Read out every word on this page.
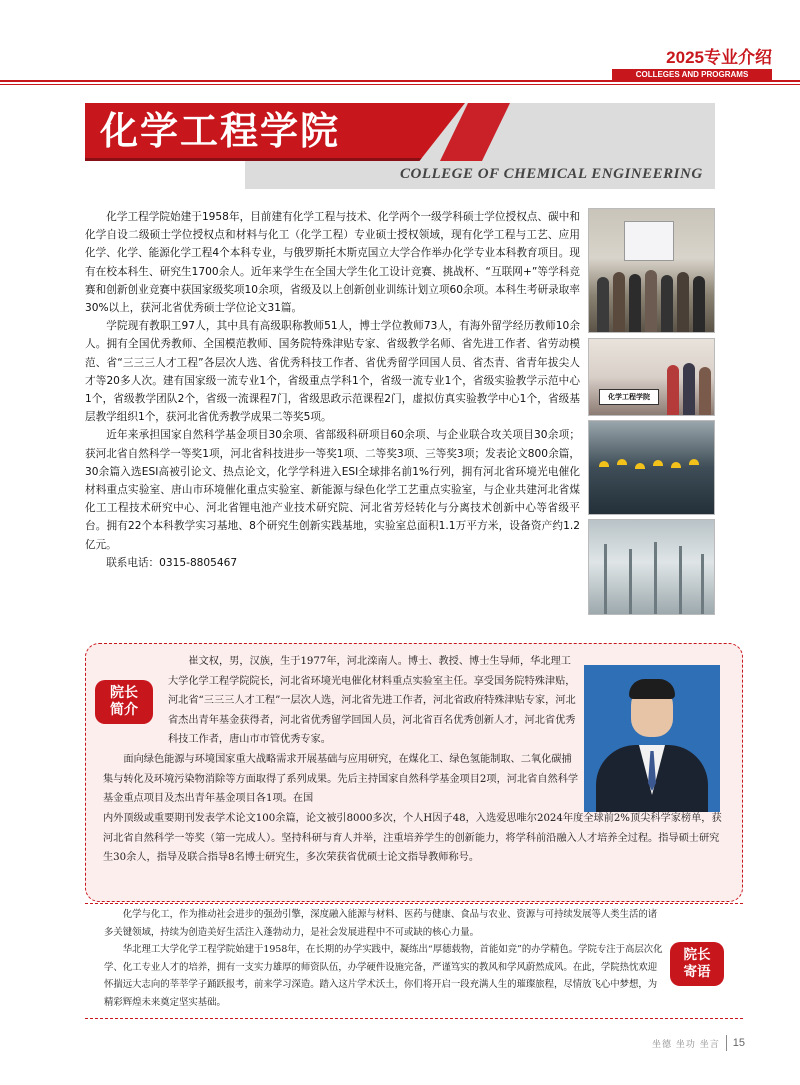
2025专业介绍
COLLEGES AND PROGRAMS
化学工程学院
COLLEGE OF CHEMICAL ENGINEERING

化学工程学院始建于1958年，目前建有化学工程与技术、化学两个一级学科硕士学位授权点、碳中和化学自设二级硕士学位授权点和材料与化工（化学工程）专业硕士授权领域，现有化学工程与工艺、应用化学、化学、能源化学工程4个本科专业，与俄罗斯托木斯克国立大学合作举办化学专业本科教育项目。现有在校本科生、研究生1700余人。近年来学生在全国大学生化工设计竞赛、挑战杯、“互联网+”等学科竞赛和创新创业竞赛中获国家级奖项10余项，省级及以上创新创业训练计划立项60余项。本科生考研录取率30%以上，获河北省优秀硕士学位论文31篇。

学院现有教职工97人，其中具有高级职称教师51人，博士学位教师73人，有海外留学经历教师10余人。拥有全国优秀教师、全国模范教师、国务院特殊津贴专家、省级教学名师、省先进工作者、省劳动模范、省“三三三人才工程”各层次人选、省优秀科技工作者、省优秀留学回国人员、省杰青、省青年拔尖人才等20多人次。建有国家级一流专业1个，省级重点学科1个，省级一流专业1个，省级实验教学示范中心1个，省级教学团队2个，省级一流课程7门，省级思政示范课程2门，虚拟仿真实验教学中心1个，省级基层教学组织1个，获河北省优秀教学成果二等奖5项。

近年来承担国家自然科学基金项目30余项、省部级科研项目60余项、与企业联合攻关项目30余项；获河北省自然科学一等奖1项，河北省科技进步一等奖1项、二等奖3项、三等奖3项；发表论文800余篇，30余篇入选ESI高被引论文、热点论文，化学学科进入ESI全球排名前1%行列，拥有河北省环境光电催化材料重点实验室、唐山市环境催化重点实验室、新能源与绿色化学工艺重点实验室，与企业共建河北省煤化工工程技术研究中心、河北省锂电池产业技术研究院、河北省芳烃转化与分离技术创新中心等省级平台。拥有22个本科教学实习基地、8个研究生创新实践基地，实验室总面积1.1万平方米，设备资产约1.2亿元。

联系电话：0315-8805467

化学工程学院
院长
简介

崔文权，男，汉族，生于1977年，河北滦南人。博士、教授、博士生导师，华北理工大学化学工程学院院长，河北省环境光电催化材料重点实验室主任。享受国务院特殊津贴，河北省“三三三人才工程”一层次人选，河北省先进工作者，河北省政府特殊津贴专家，河北省杰出青年基金获得者，河北省优秀留学回国人员，河北省百名优秀创新人才，河北省优秀科技工作者，唐山市市管优秀专家。

面向绿色能源与环境国家重大战略需求开展基础与应用研究，在煤化工、绿色氢能制取、二氧化碳捕集与转化及环境污染物消除等方面取得了系列成果。先后主持国家自然科学基金项目2项，河北省自然科学基金重点项目及杰出青年基金项目各1项。在国

内外顶级或重要期刊发表学术论文100余篇，论文被引8000多次，个人H因子48，入选爱思唯尔2024年度全球前2%顶尖科学家榜单，获河北省自然科学一等奖（第一完成人）。坚持科研与育人并举，注重培养学生的创新能力，将学科前沿融入人才培养全过程。指导硕士研究生30余人，指导及联合指导8名博士研究生，多次荣获省优硕士论文指导教师称号。

化学与化工，作为推动社会进步的强劲引擎，深度融入能源与材料、医药与健康、食品与农业、资源与可持续发展等人类生活的诸多关键领域，持续为创造美好生活注入蓬勃动力，是社会发展进程中不可或缺的核心力量。

华北理工大学化学工程学院始建于1958年，在长期的办学实践中，凝练出“厚德载物，首能如竞”的办学精色。学院专注于高层次化学、化工专业人才的培养，拥有一支实力雄厚的师资队伍，办学硬件设施完备，严谨笃实的教风和学风蔚然成风。在此，学院热忱欢迎怀揣远大志向的莘莘学子踊跃报考，前来学习深造。踏入这片学术沃土，你们将开启一段充满人生的璀璨旅程，尽情放飞心中梦想，为精彩辉煌未来奠定坚实基础。

院长
寄语
坐德 坐功 坐言 15
